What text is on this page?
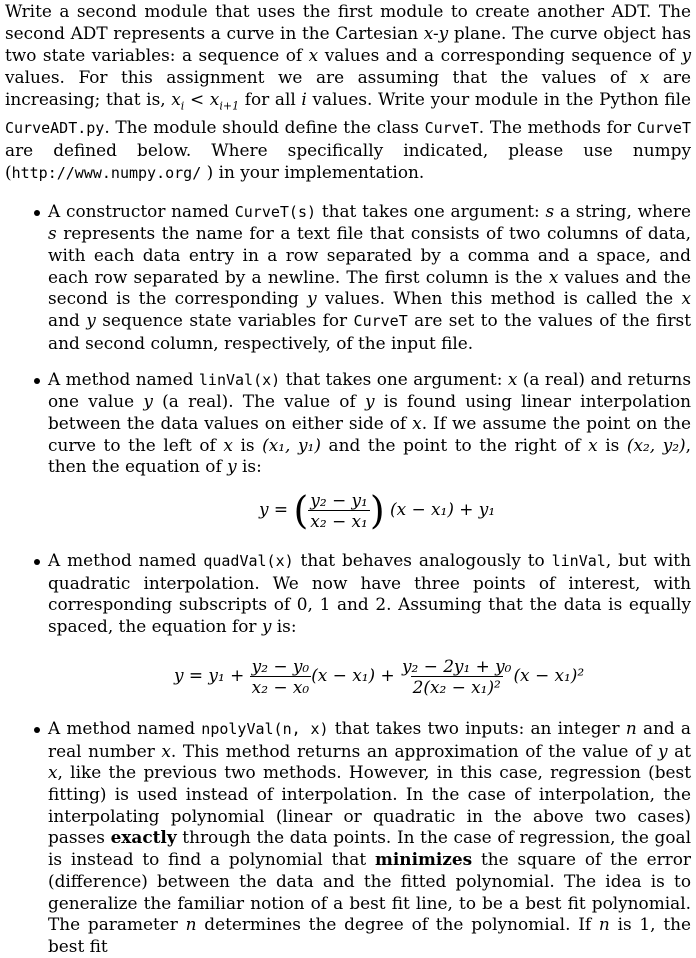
Write a second module that uses the first module to create another ADT. The second ADT represents a curve in the Cartesian x-y plane. The curve object has two state variables: a sequence of x values and a corresponding sequence of y values. For this assignment we are assuming that the values of x are increasing; that is, $x_i < x_{i+1}$ for all i values. Write your module in the Python file CurveADT.py. The module should define the class CurveT. The methods for CurveT are defined below. Where specifically indicated, please use numpy (http://www.numpy.org/ ) in your implementation.

A constructor named CurveT(s) that takes one argument: s a string, where s represents the name for a text file that consists of two columns of data, with each data entry in a row separated by a comma and a space, and each row separated by a newline. The first column is the x values and the second is the corresponding y values. When this method is called the x and y sequence state variables for CurveT are set to the values of the first and second column, respectively, of the input file.

A method named linVal(x) that takes one argument: x (a real) and returns one value y (a real). The value of y is found using linear interpolation between the data values on either side of x. If we assume the point on the curve to the left of x is (x₁, y₁) and the point to the right of x is (x₂, y₂), then the equation of y is:

y = ( $\frac{\text{y₂ − y₁}}{\text{x₂ − x₁}}$ ) (x − x₁) + y₁

A method named quadVal(x) that behaves analogously to linVal, but with quadratic interpolation. We now have three points of interest, with corresponding subscripts of 0, 1 and 2. Assuming that the data is equally spaced, the equation for y is:

$y = y_1 + \frac{\text{y₂ − y₀}}{\text{x₂ − x₀}} (x - x_1) + \frac{\text{y₂ − 2y₁ + y₀}}{\text{2(x₂ − x₁)²}} (x - x_1)^2$

A method named npolyVal(n, x) that takes two inputs: an integer n and a real number x. This method returns an approximation of the value of y at x, like the previous two methods. However, in this case, regression (best fitting) is used instead of interpolation. In the case of interpolation, the interpolating polynomial (linear or quadratic in the above two cases) passes exactly through the data points. In the case of regression, the goal is instead to find a polynomial that minimizes the square of the error (difference) between the data and the fitted polynomial. The idea is to generalize the familiar notion of a best fit line, to be a best fit polynomial. The parameter n determines the degree of the polynomial. If n is 1, the best fit
